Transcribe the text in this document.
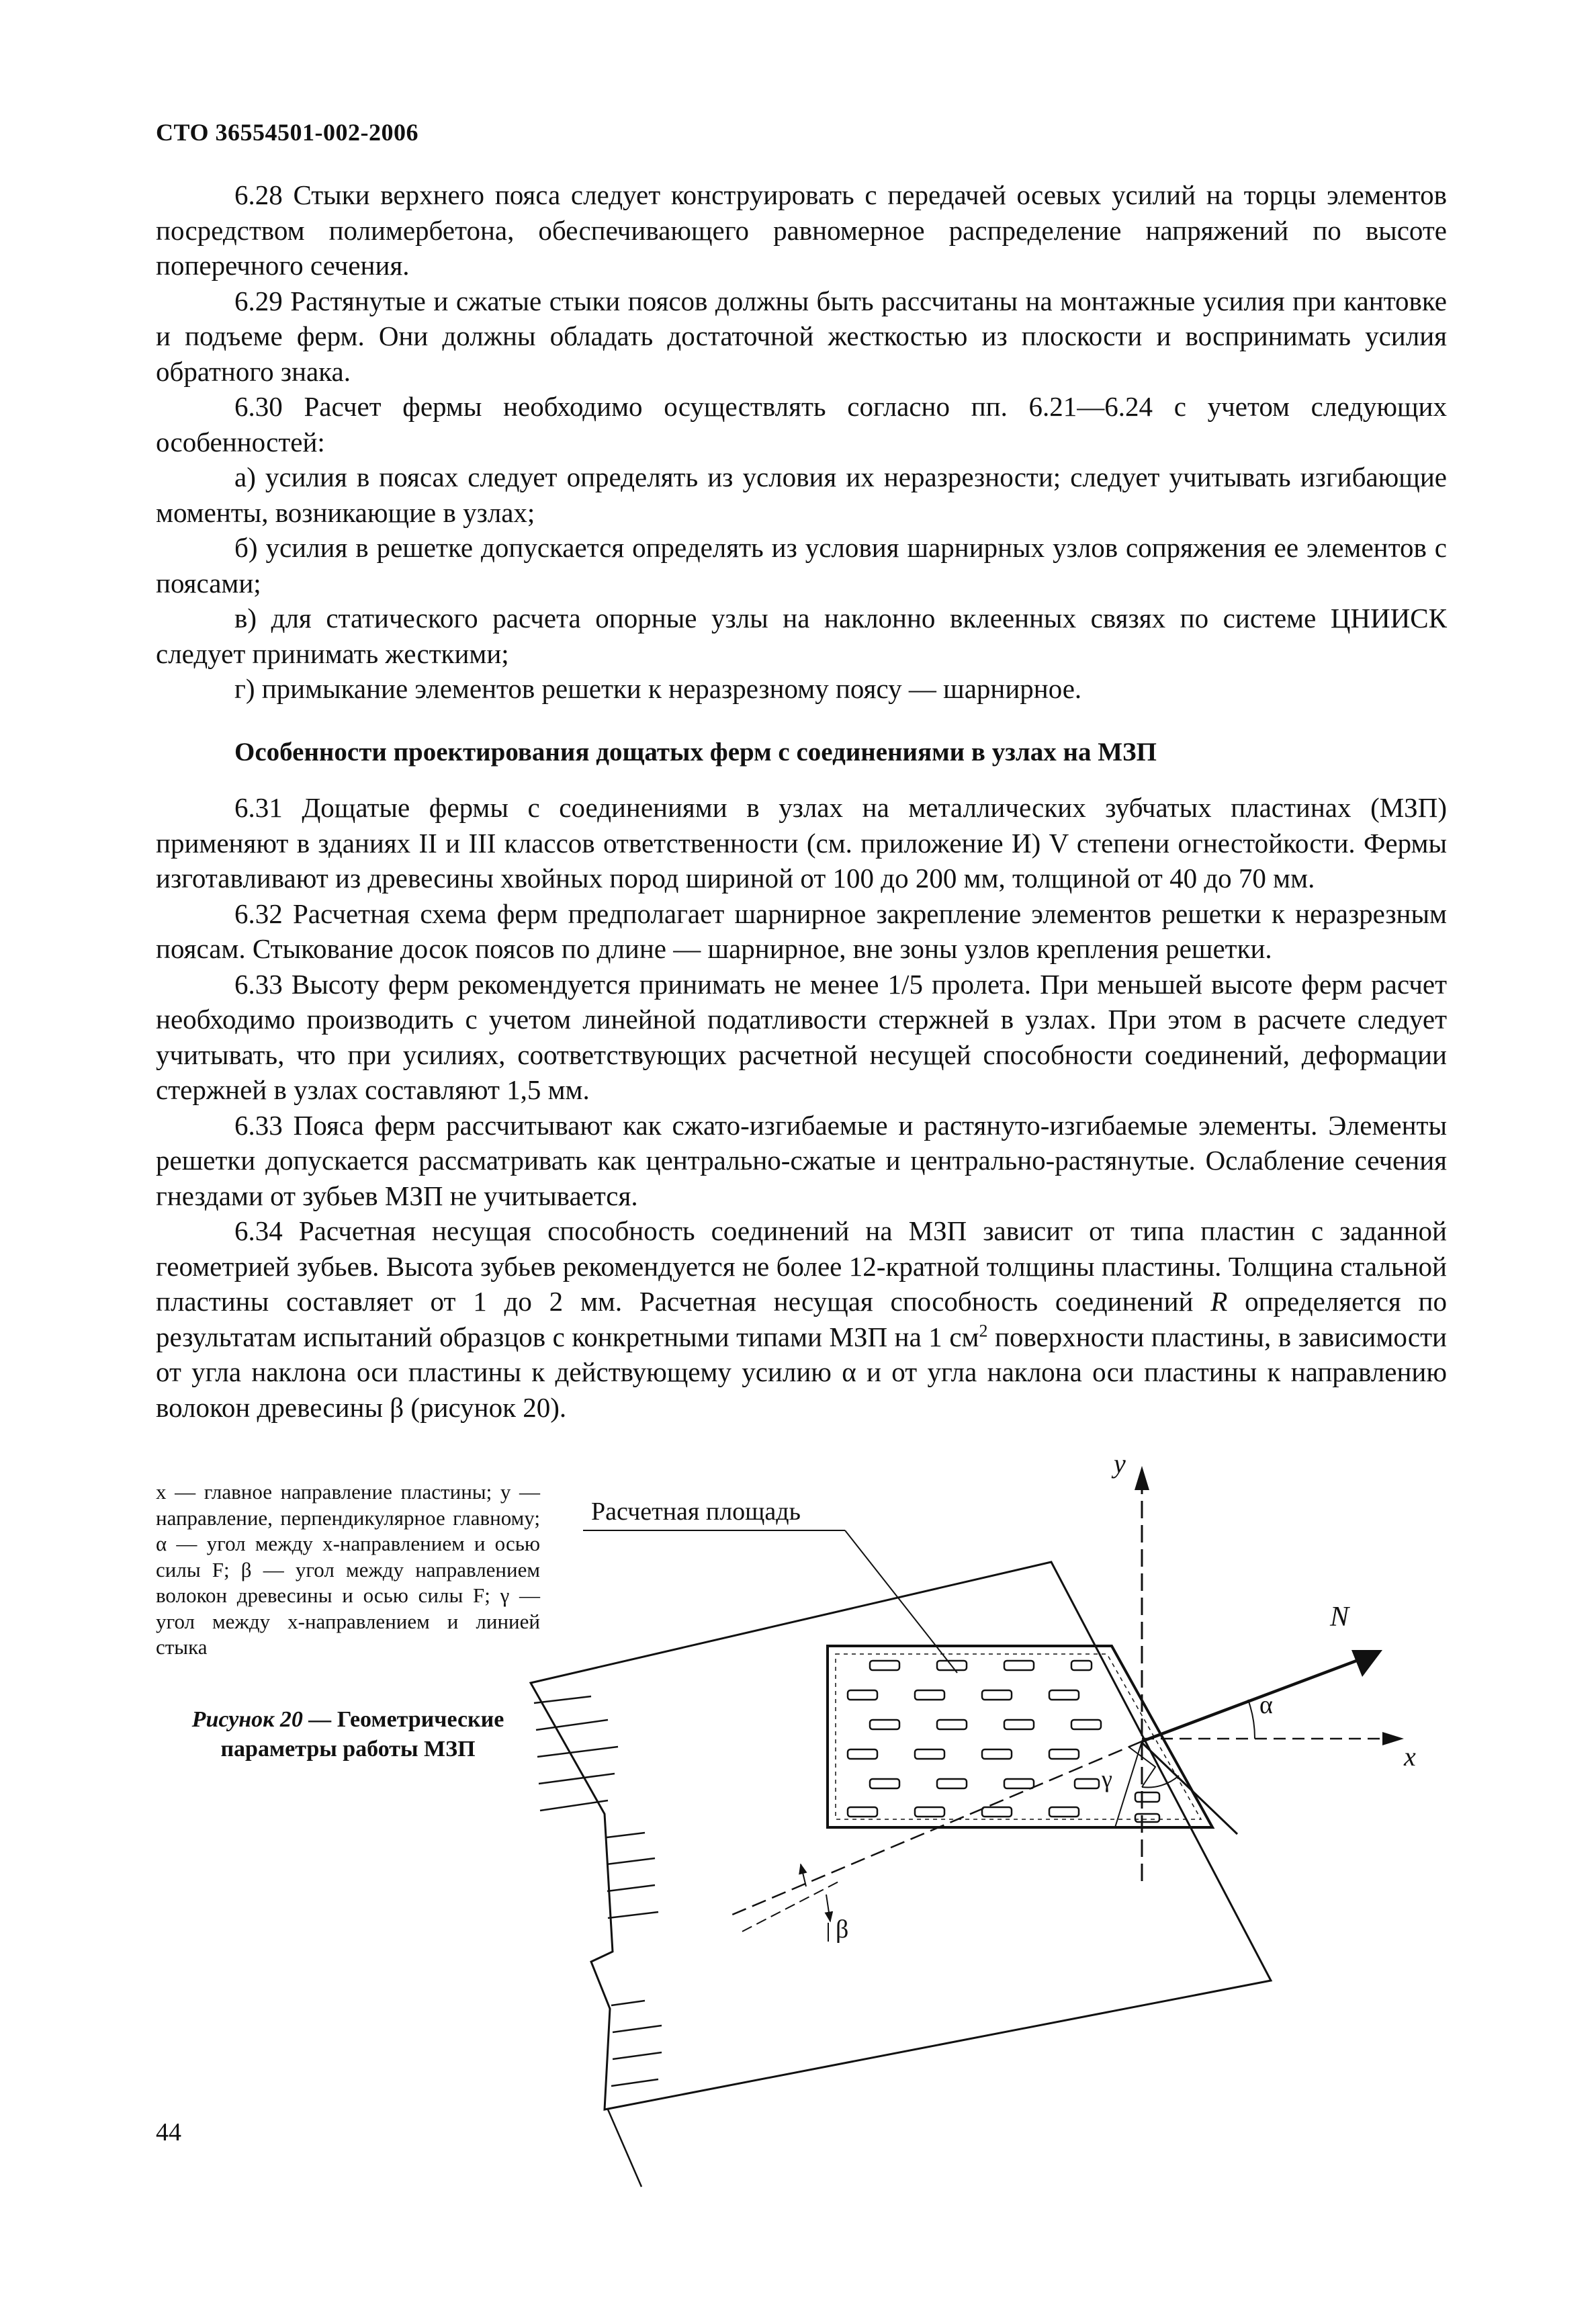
СТО 36554501-002-2006

6.28 Стыки верхнего пояса следует конструировать с передачей осевых усилий на торцы элементов посредством полимербетона, обеспечивающего равномерное распределение напряжений по высоте поперечного сечения.

6.29 Растянутые и сжатые стыки поясов должны быть рассчитаны на монтажные усилия при кантовке и подъеме ферм. Они должны обладать достаточной жесткостью из плоскости и воспринимать усилия обратного знака.

6.30 Расчет фермы необходимо осуществлять согласно пп. 6.21—6.24 с учетом следующих особенностей:

а) усилия в поясах следует определять из условия их неразрезности; следует учитывать изгибающие моменты, возникающие в узлах;

б) усилия в решетке допускается определять из условия шарнирных узлов сопряжения ее элементов с поясами;

в) для статического расчета опорные узлы на наклонно вклеенных связях по системе ЦНИИСК следует принимать жесткими;

г) примыкание элементов решетки к неразрезному поясу — шарнирное.

Особенности проектирования дощатых ферм с соединениями в узлах на МЗП

6.31 Дощатые фермы с соединениями в узлах на металлических зубчатых пластинах (МЗП) применяют в зданиях II и III классов ответственности (см. приложение И) V степени огнестойкости. Фермы изготавливают из древесины хвойных пород шириной от 100 до 200 мм, толщиной от 40 до 70 мм.

6.32 Расчетная схема ферм предполагает шарнирное закрепление элементов решетки к неразрезным поясам. Стыкование досок поясов по длине — шарнирное, вне зоны узлов крепления решетки.

6.33 Высоту ферм рекомендуется принимать не менее 1/5 пролета. При меньшей высоте ферм расчет необходимо производить с учетом линейной податливости стержней в узлах. При этом в расчете следует учитывать, что при усилиях, соответствующих расчетной несущей способности соединений, деформации стержней в узлах составляют 1,5 мм.

6.33 Пояса ферм рассчитывают как сжато-изгибаемые и растянуто-изгибаемые элементы. Элементы решетки допускается рассматривать как центрально-сжатые и центрально-растянутые. Ослабление сечения гнездами от зубьев МЗП не учитывается.

6.34 Расчетная несущая способность соединений на МЗП зависит от типа пластин с заданной геометрией зубьев. Высота зубьев рекомендуется не более 12-кратной толщины пластины. Толщина стальной пластины составляет от 1 до 2 мм. Расчетная несущая способность соединений R определяется по результатам испытаний образцов с конкретными типами МЗП на 1 $см^2$ поверхности пластины, в зависимости от угла наклона оси пластины к действующему усилию α и от угла наклона оси пластины к направлению волокон древесины β (рисунок 20).

x — главное направление пластины; y — направление, перпендикулярное главному; α — угол между x-направлением и осью силы F; β — угол между направлением волокон древесины и осью силы F; γ — угол между x-направлением и линией стыка
Рисунок 20 — Геометрические параметры работы МЗП
Расчетная площадь
y
x
N
α
β
γ
44
